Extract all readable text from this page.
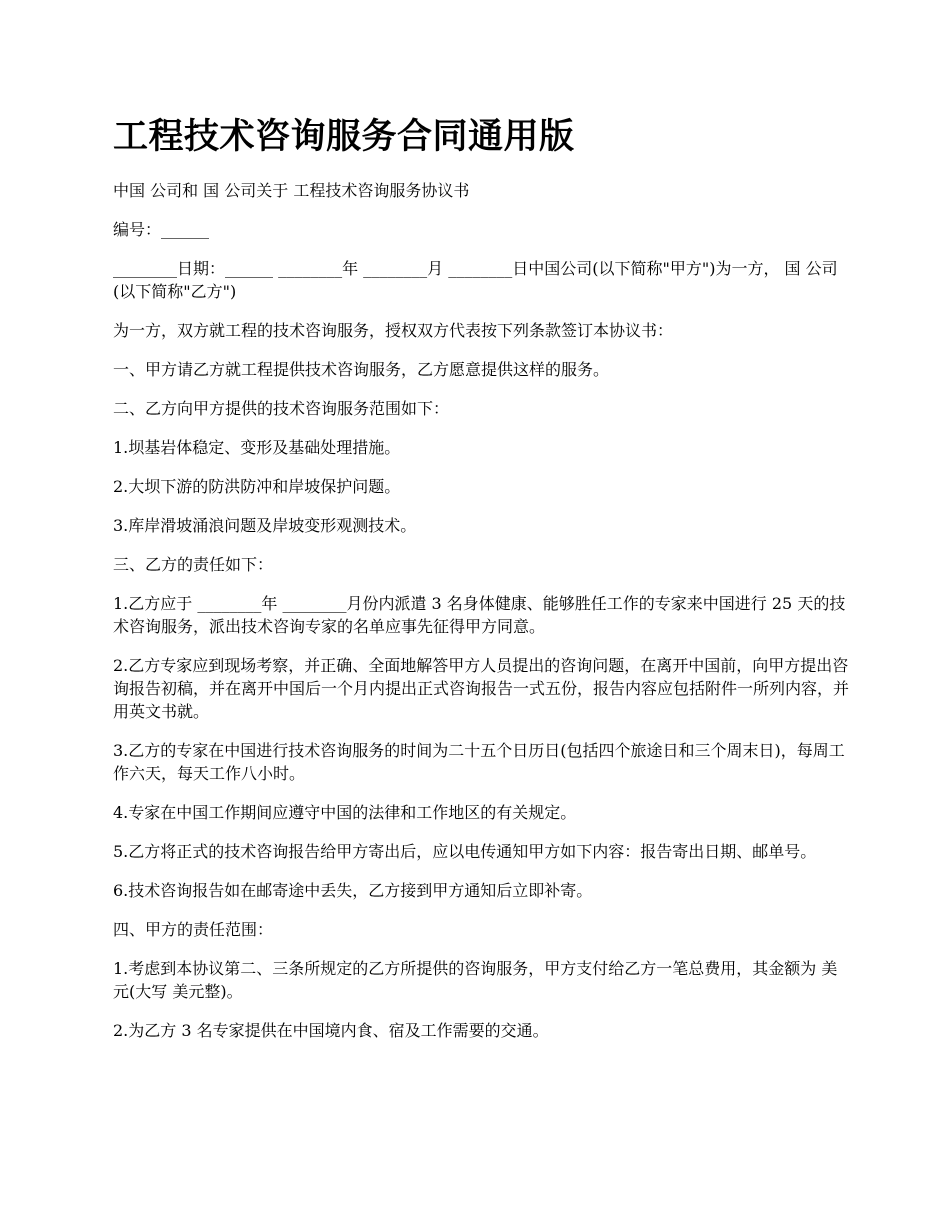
工程技术咨询服务合同通用版

中国 公司和 国 公司关于 工程技术咨询服务协议书

编号：______

________日期：______ ________年 ________月 ________日中国公司(以下简称"甲方")为一方， 国 公司(以下简称"乙方")

为一方，双方就工程的技术咨询服务，授权双方代表按下列条款签订本协议书：

一、甲方请乙方就工程提供技术咨询服务，乙方愿意提供这样的服务。

二、乙方向甲方提供的技术咨询服务范围如下：

1.坝基岩体稳定、变形及基础处理措施。

2.大坝下游的防洪防冲和岸坡保护问题。

3.库岸滑坡涌浪问题及岸坡变形观测技术。

三、乙方的责任如下：

1.乙方应于 ________年 ________月份内派遣 3 名身体健康、能够胜任工作的专家来中国进行 25 天的技术咨询服务，派出技术咨询专家的名单应事先征得甲方同意。

2.乙方专家应到现场考察，并正确、全面地解答甲方人员提出的咨询问题，在离开中国前，向甲方提出咨询报告初稿，并在离开中国后一个月内提出正式咨询报告一式五份，报告内容应包括附件一所列内容，并用英文书就。

3.乙方的专家在中国进行技术咨询服务的时间为二十五个日历日(包括四个旅途日和三个周末日)，每周工作六天，每天工作八小时。

4.专家在中国工作期间应遵守中国的法律和工作地区的有关规定。

5.乙方将正式的技术咨询报告给甲方寄出后，应以电传通知甲方如下内容：报告寄出日期、邮单号。

6.技术咨询报告如在邮寄途中丢失，乙方接到甲方通知后立即补寄。

四、甲方的责任范围：

1.考虑到本协议第二、三条所规定的乙方所提供的咨询服务，甲方支付给乙方一笔总费用，其金额为 美元(大写 美元整)。

2.为乙方 3 名专家提供在中国境内食、宿及工作需要的交通。
